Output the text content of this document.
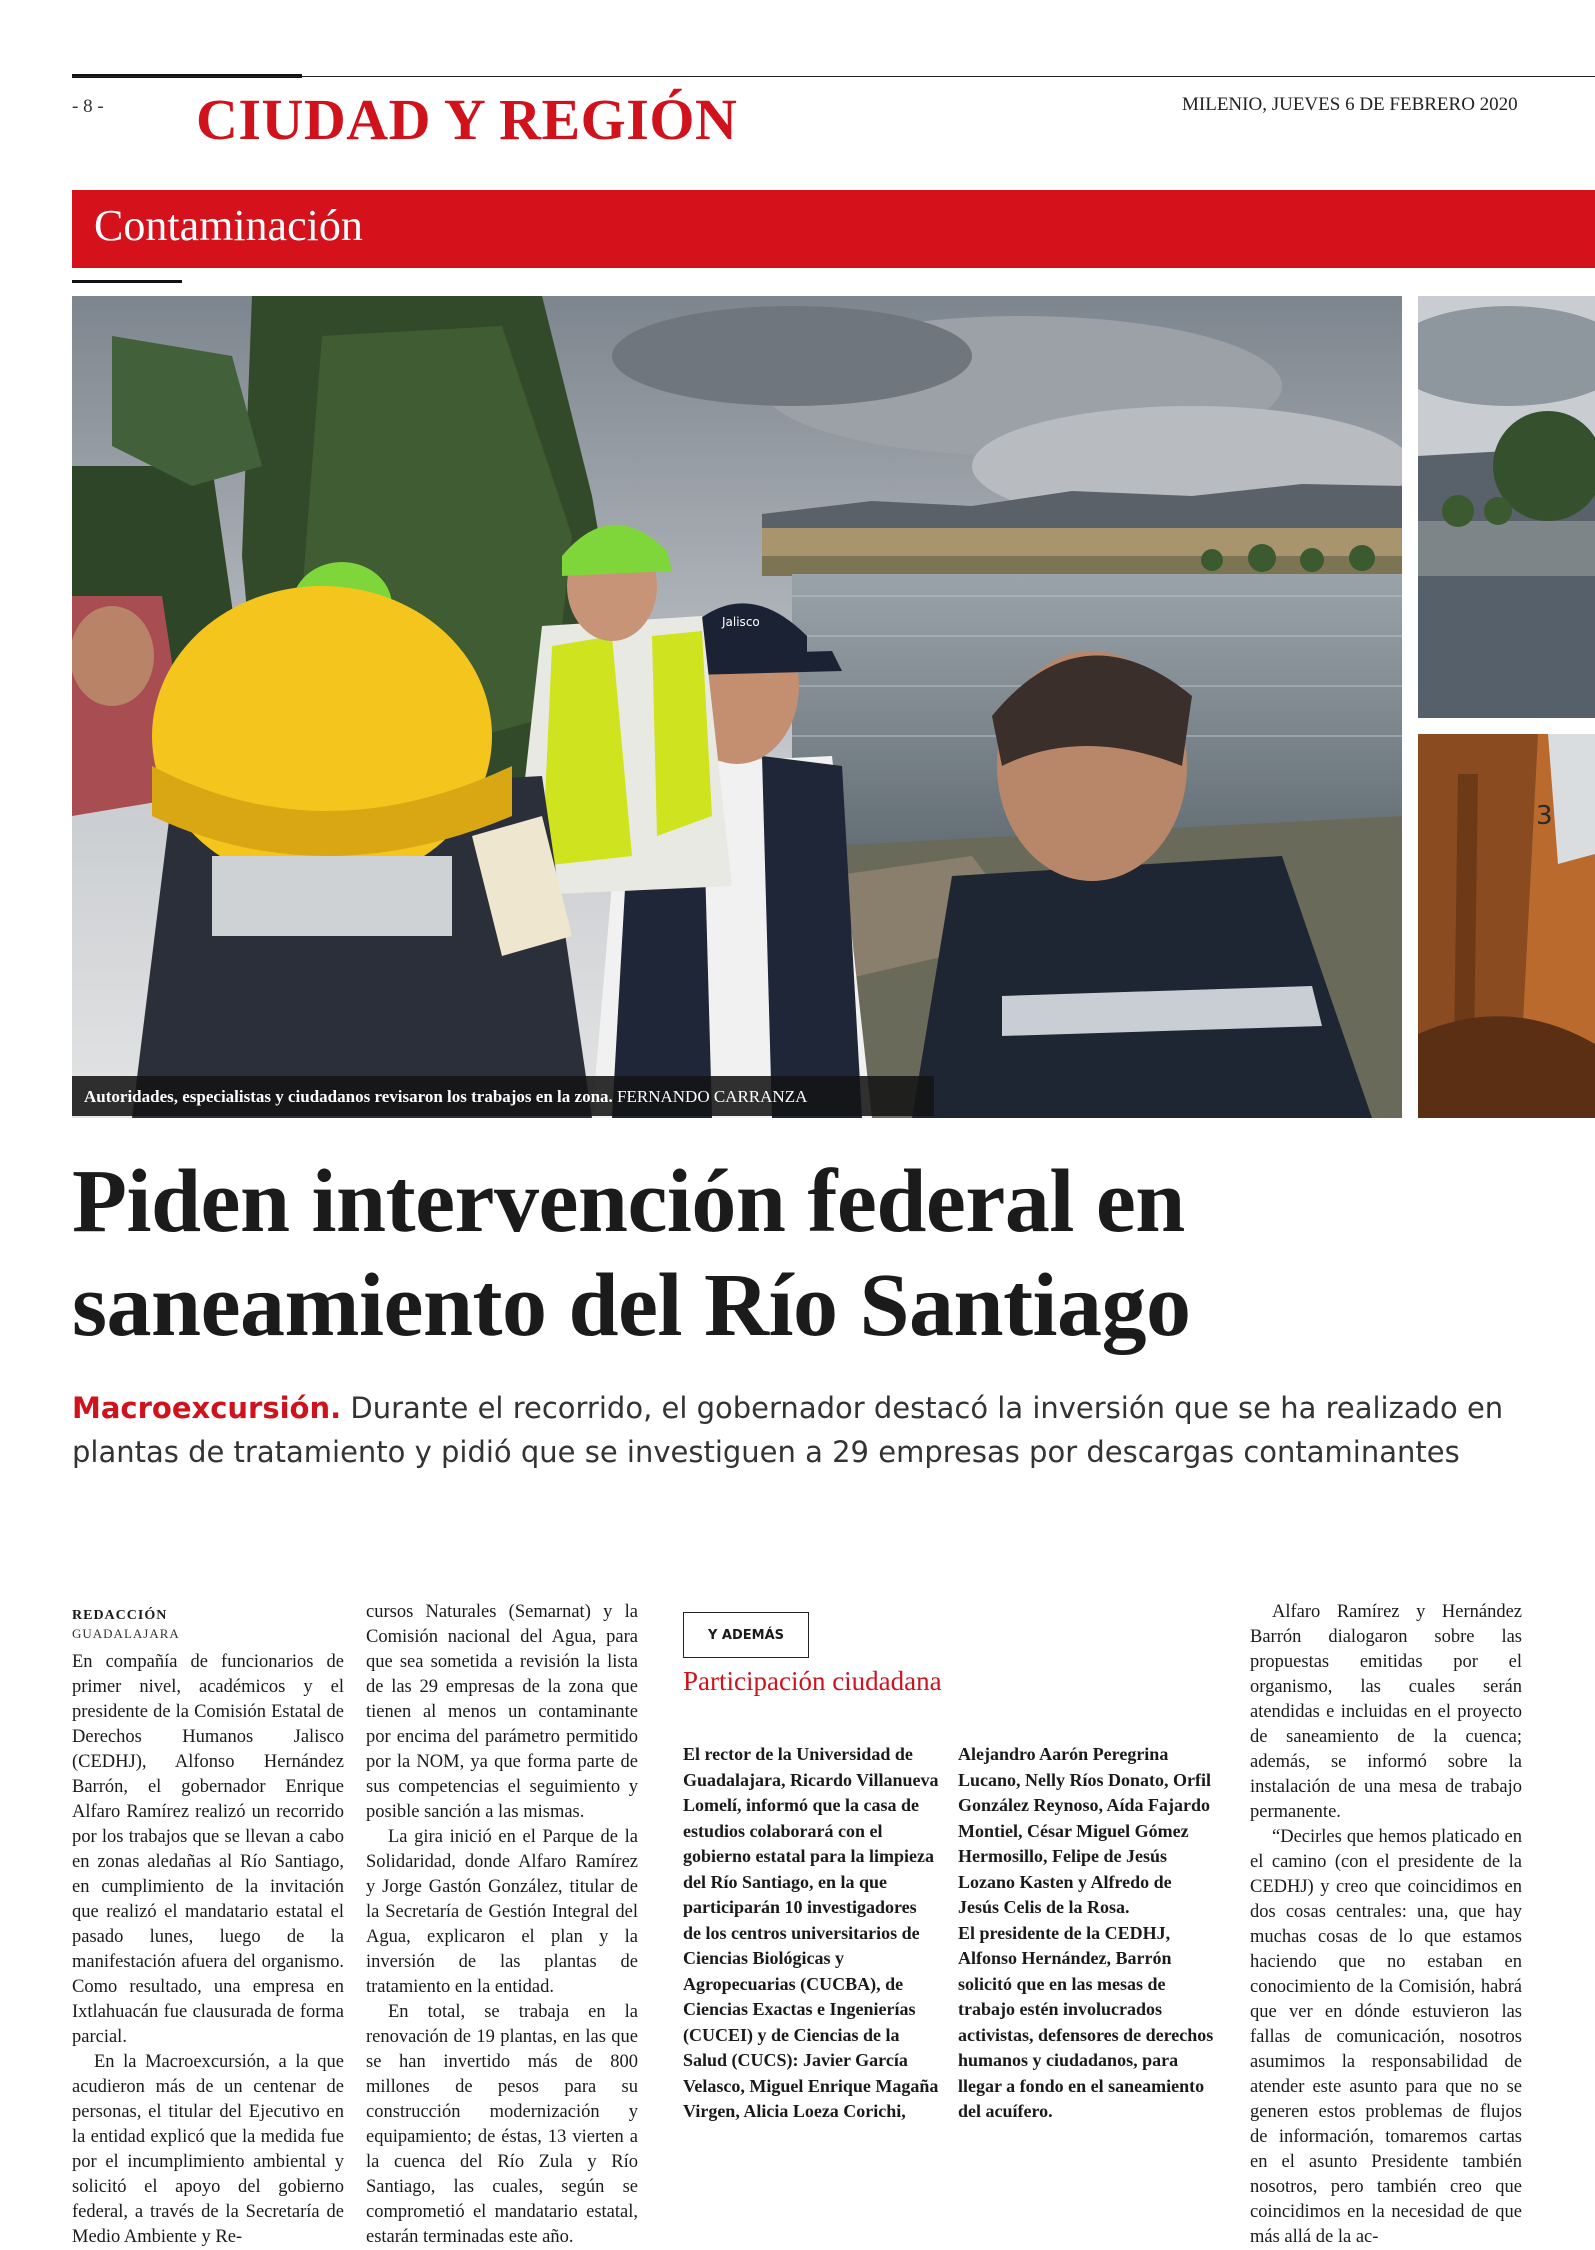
- 8 - CIUDAD Y REGIÓN	MILENIO, JUEVES 6 DE FEBRERO 2020
Contaminación
Jalisco
3
Autoridades, especialistas y ciudadanos revisaron los trabajos en la zona. FERNANDO CARRANZA
Piden intervención federal en
saneamiento del Río Santiago
Macroexcursión. Durante el recorrido, el gobernador destacó la inversión que se ha realizado en plantas de tratamiento y pidió que se investiguen a 29 empresas por descargas contaminantes
REDACCIÓN
GUADALAJARA

En compañía de funcionarios de primer nivel, académicos y el presidente de la Comisión Estatal de Derechos Humanos Jalisco (CEDHJ), Alfonso Hernández Barrón, el gobernador Enrique Alfaro Ramírez realizó un recorrido por los trabajos que se llevan a cabo en zonas aledañas al Río Santiago, en cumplimiento de la invitación que realizó el mandatario estatal el pasado lunes, luego de la manifestación afuera del organismo. Como resultado, una empresa en Ixtlahuacán fue clausurada de forma parcial.

En la Macroexcursión, a la que acudieron más de un centenar de personas, el titular del Ejecutivo en la entidad explicó que la medida fue por el incumplimiento ambiental y solicitó el apoyo del gobierno federal, a través de la Secretaría de Medio Ambiente y Re-

cursos Naturales (Semarnat) y la Comisión nacional del Agua, para que sea sometida a revisión la lista de las 29 empresas de la zona que tienen al menos un contaminante por encima del parámetro permitido por la NOM, ya que forma parte de sus competencias el seguimiento y posible sanción a las mismas.

La gira inició en el Parque de la Solidaridad, donde Alfaro Ramírez y Jorge Gastón González, titular de la Secretaría de Gestión Integral del Agua, explicaron el plan y la inversión de las plantas de tratamiento en la entidad.

En total, se trabaja en la renovación de 19 plantas, en las que se han invertido más de 800 millones de pesos para su construcción modernización y equipamiento; de éstas, 13 vierten a la cuenca del Río Zula y Río Santiago, las cuales, según se comprometió el mandatario estatal, estarán terminadas este año.

Y ADEMÁS
Participación ciudadana

El rector de la Universidad de Guadalajara, Ricardo Villanueva Lomelí, informó que la casa de estudios colaborará con el gobierno estatal para la limpieza del Río Santiago, en la que participarán 10 investigadores de los centros universitarios de Ciencias Biológicas y Agropecuarias (CUCBA), de Ciencias Exactas e Ingenierías (CUCEI) y de Ciencias de la Salud (CUCS): Javier García Velasco, Miguel Enrique Magaña Virgen, Alicia Loeza Corichi,

Alejandro Aarón Peregrina Lucano, Nelly Ríos Donato, Orfil González Reynoso, Aída Fajardo Montiel, César Miguel Gómez Hermosillo, Felipe de Jesús Lozano Kasten y Alfredo de Jesús Celis de la Rosa.

El presidente de la CEDHJ, Alfonso Hernández, Barrón solicitó que en las mesas de trabajo estén involucrados activistas, defensores de derechos humanos y ciudadanos, para llegar a fondo en el saneamiento del acuífero.

Alfaro Ramírez y Hernández Barrón dialogaron sobre las propuestas emitidas por el organismo, las cuales serán atendidas e incluidas en el proyecto de saneamiento de la cuenca; además, se informó sobre la instalación de una mesa de trabajo permanente.

“Decirles que hemos platicado en el camino (con el presidente de la CEDHJ) y creo que coincidimos en dos cosas centrales: una, que hay muchas cosas de lo que estamos haciendo que no estaban en conocimiento de la Comisión, habrá que ver en dónde estuvieron las fallas de comunicación, nosotros asumimos la responsabilidad de atender este asunto para que no se generen estos problemas de flujos de información, tomaremos cartas en el asunto Presidente también nosotros, pero también creo que coincidimos en la necesidad de que más allá de la ac-
